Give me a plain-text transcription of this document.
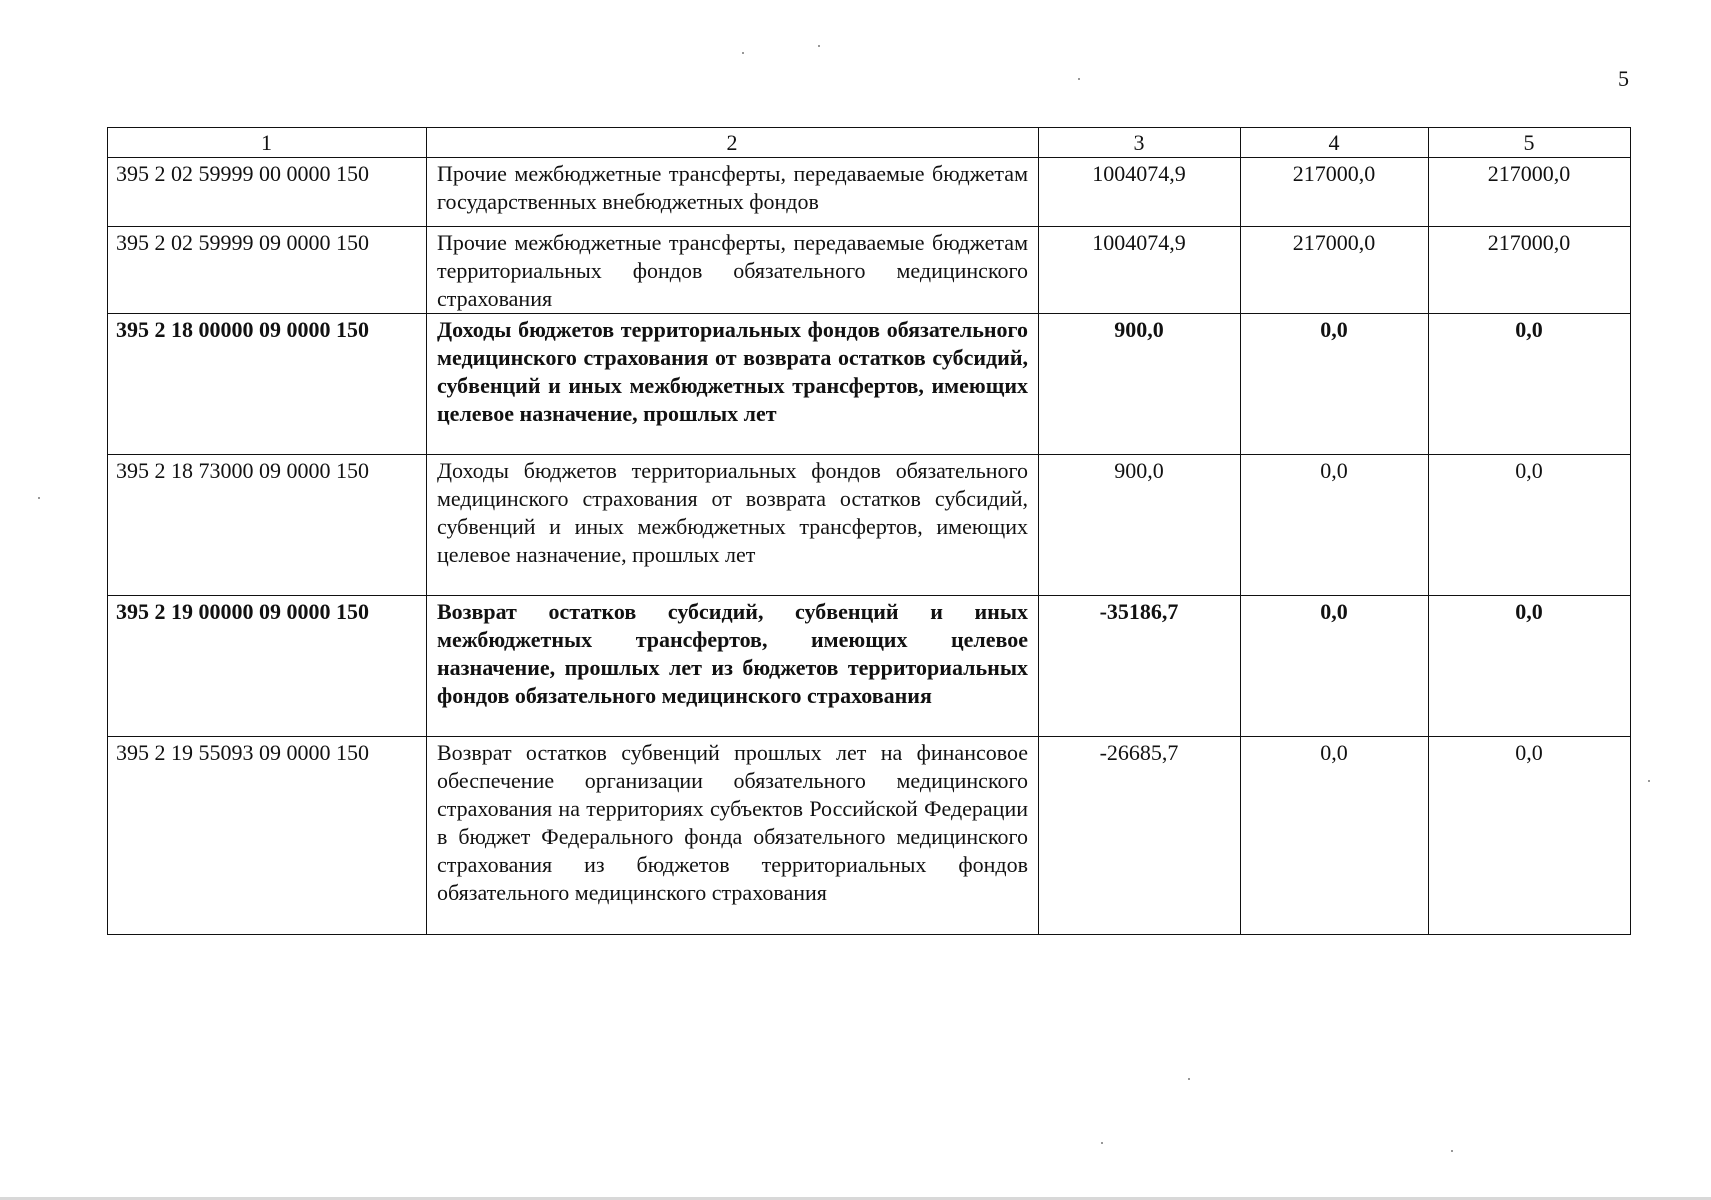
5
1	2	3	4	5
395 2 02 59999 00 0000 150	Прочие межбюджетные трансферты, передаваемые бюджетам государственных внебюджетных фондов	1004074,9	217000,0	217000,0
395 2 02 59999 09 0000 150	Прочие межбюджетные трансферты, передаваемые бюджетам территориальных фондов обязательного медицинского страхования	1004074,9	217000,0	217000,0
395 2 18 00000 09 0000 150	Доходы бюджетов территориальных фондов обязательного медицинского страхования от возврата остатков субсидий, субвенций и иных межбюджетных трансфертов, имеющих целевое назначение, прошлых лет	900,0	0,0	0,0
395 2 18 73000 09 0000 150	Доходы бюджетов территориальных фондов обязательного медицинского страхования от возврата остатков субсидий, субвенций и иных межбюджетных трансфертов, имеющих целевое назначение, прошлых лет	900,0	0,0	0,0
395 2 19 00000 09 0000 150	Возврат остатков субсидий, субвенций и иных межбюджетных трансфертов, имеющих целевое назначение, прошлых лет из бюджетов территориальных фондов обязательного медицинского страхования	-35186,7	0,0	0,0
395 2 19 55093 09 0000 150	Возврат остатков субвенций прошлых лет на финансовое обеспечение организации обязательного медицинского страхования на территориях субъектов Российской Федерации в бюджет Федерального фонда обязательного медицинского страхования из бюджетов территориальных фондов обязательного медицинского страхования	-26685,7	0,0	0,0
